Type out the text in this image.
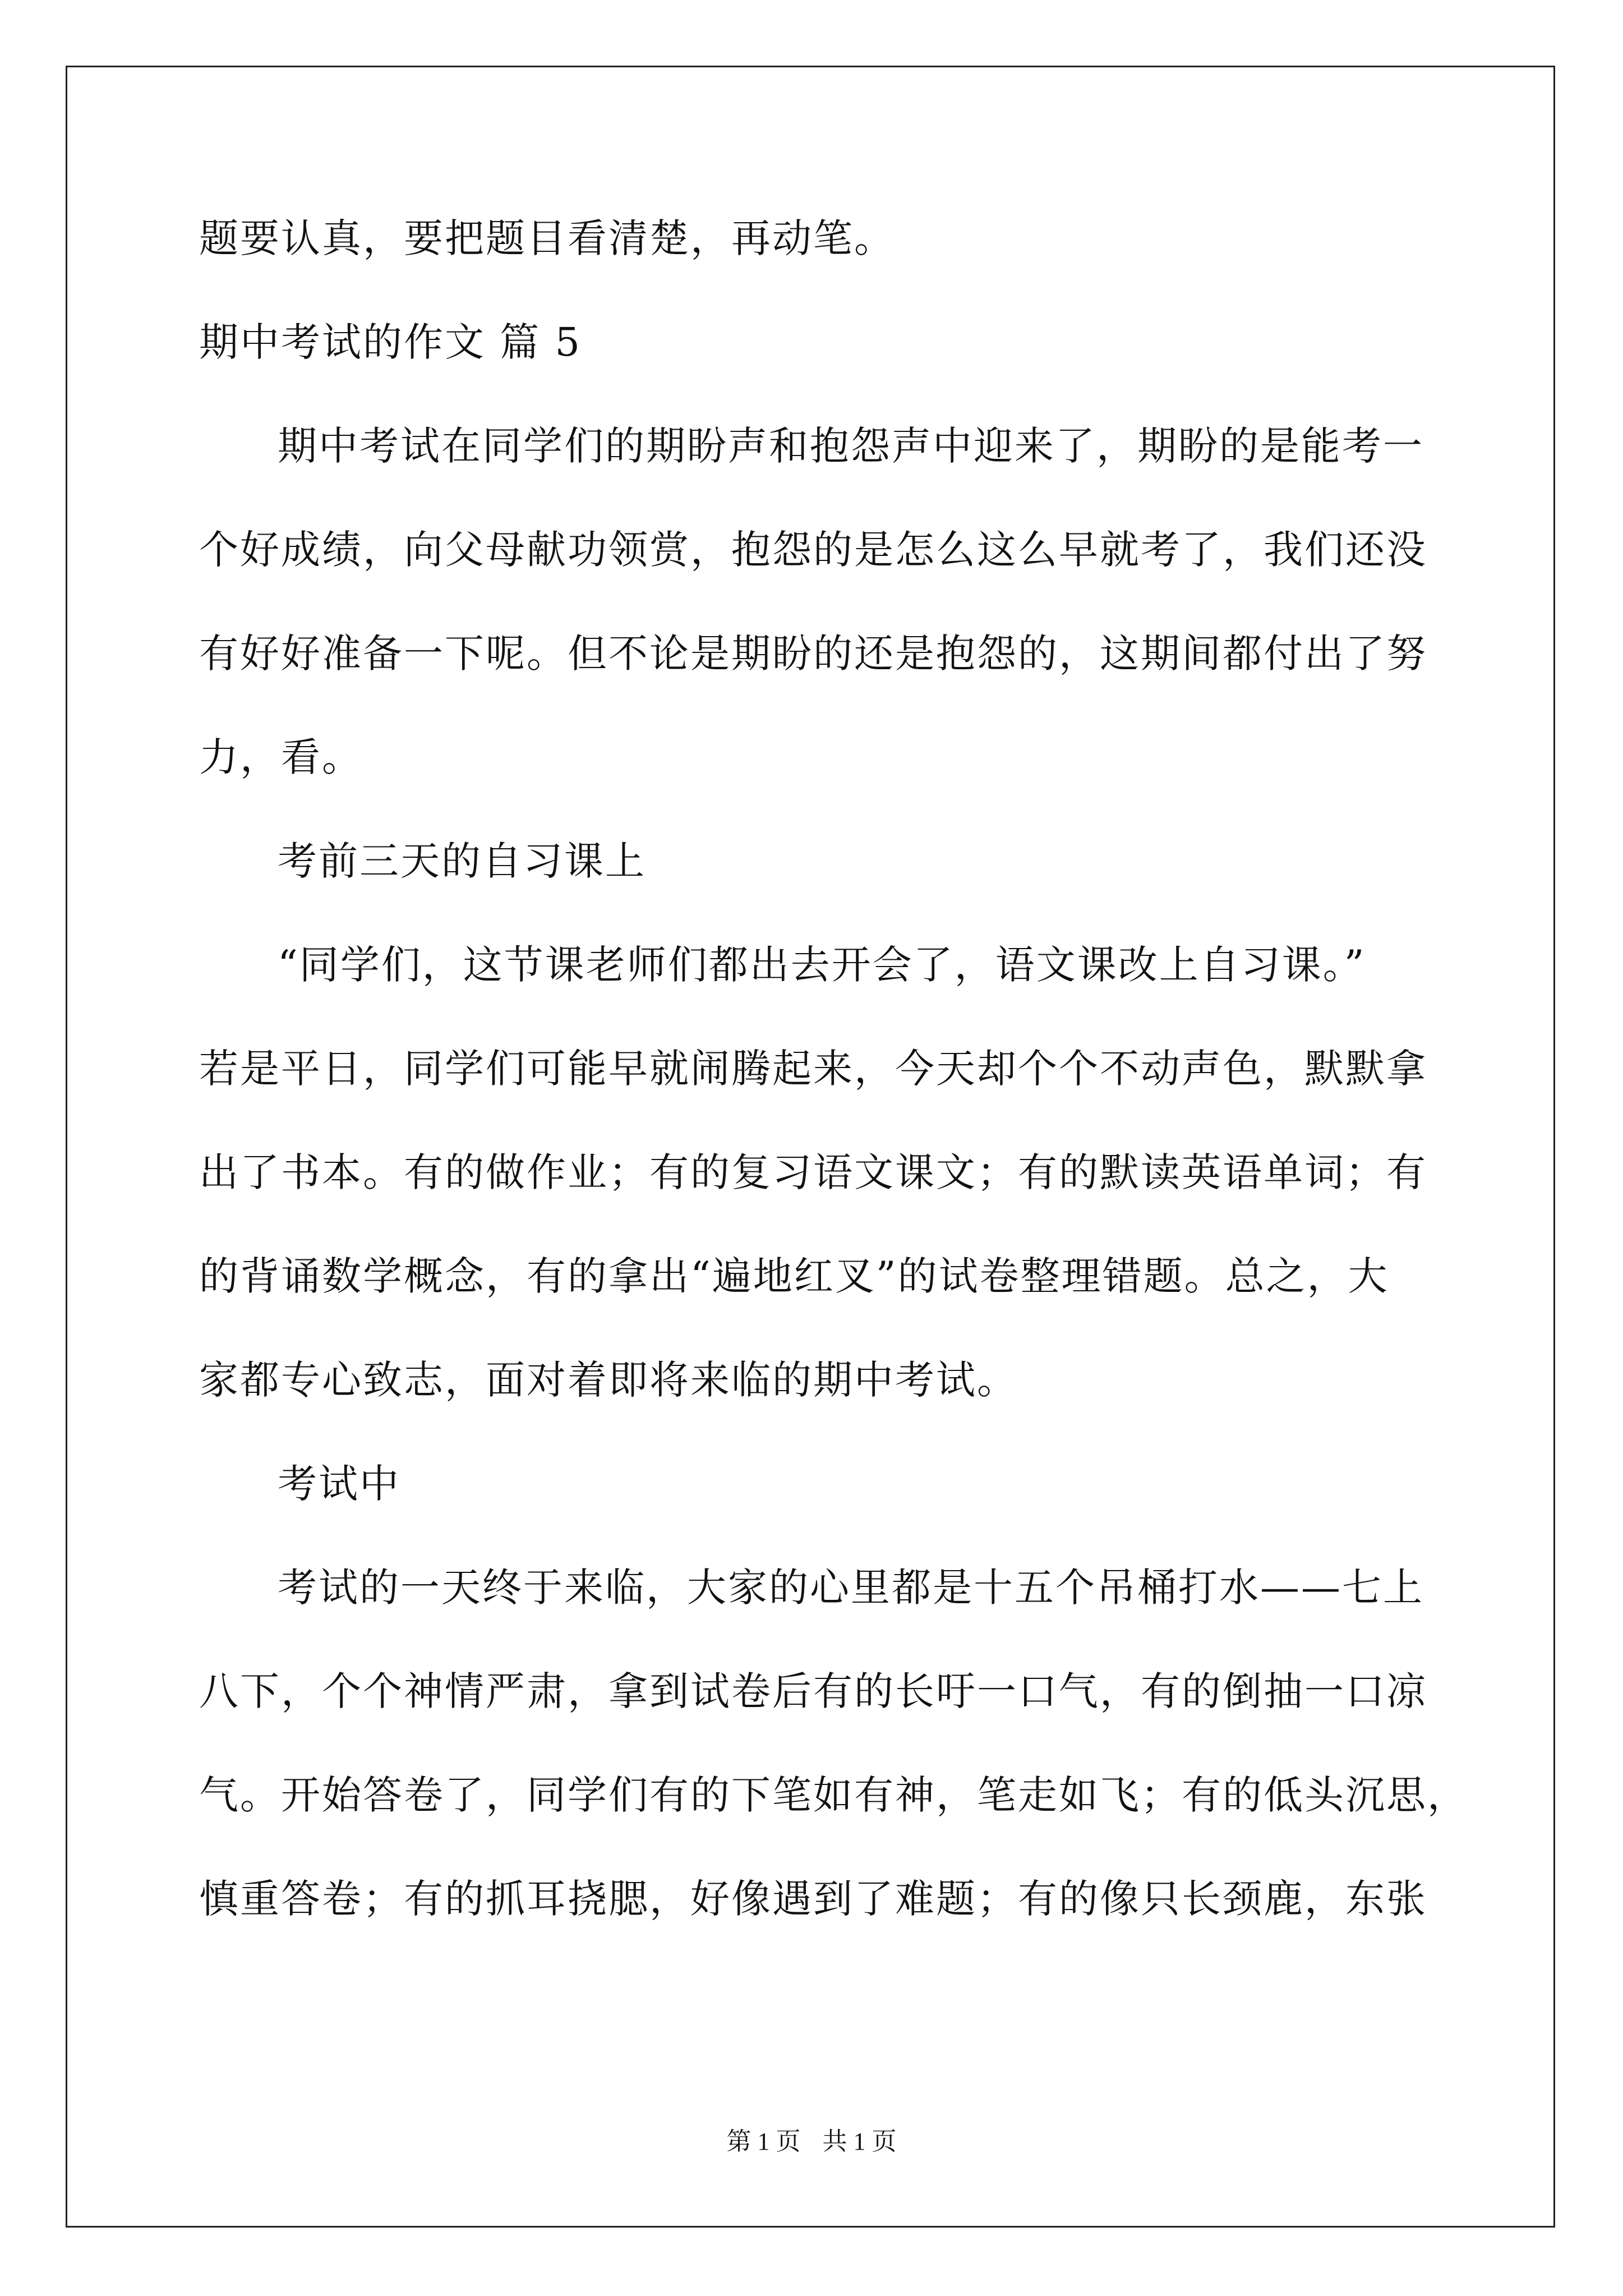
题要认真，要把题目看清楚，再动笔。
期中考试的作文 篇 5
期中考试在同学们的期盼声和抱怨声中迎来了，期盼的是能考一
个好成绩，向父母献功领赏，抱怨的是怎么这么早就考了，我们还没
有好好准备一下呢。但不论是期盼的还是抱怨的，这期间都付出了努
力，看。
考前三天的自习课上
“同学们，这节课老师们都出去开会了，语文课改上自习课。”
若是平日，同学们可能早就闹腾起来，今天却个个不动声色，默默拿
出了书本。有的做作业；有的复习语文课文；有的默读英语单词；有
的背诵数学概念，有的拿出“遍地红叉”的试卷整理错题。总之，大
家都专心致志，面对着即将来临的期中考试。
考试中
考试的一天终于来临，大家的心里都是十五个吊桶打水——七上
八下，个个神情严肃，拿到试卷后有的长吁一口气，有的倒抽一口凉
气。开始答卷了，同学们有的下笔如有神，笔走如飞；有的低头沉思，
慎重答卷；有的抓耳挠腮，好像遇到了难题；有的像只长颈鹿，东张
第 1 页 共 1 页
